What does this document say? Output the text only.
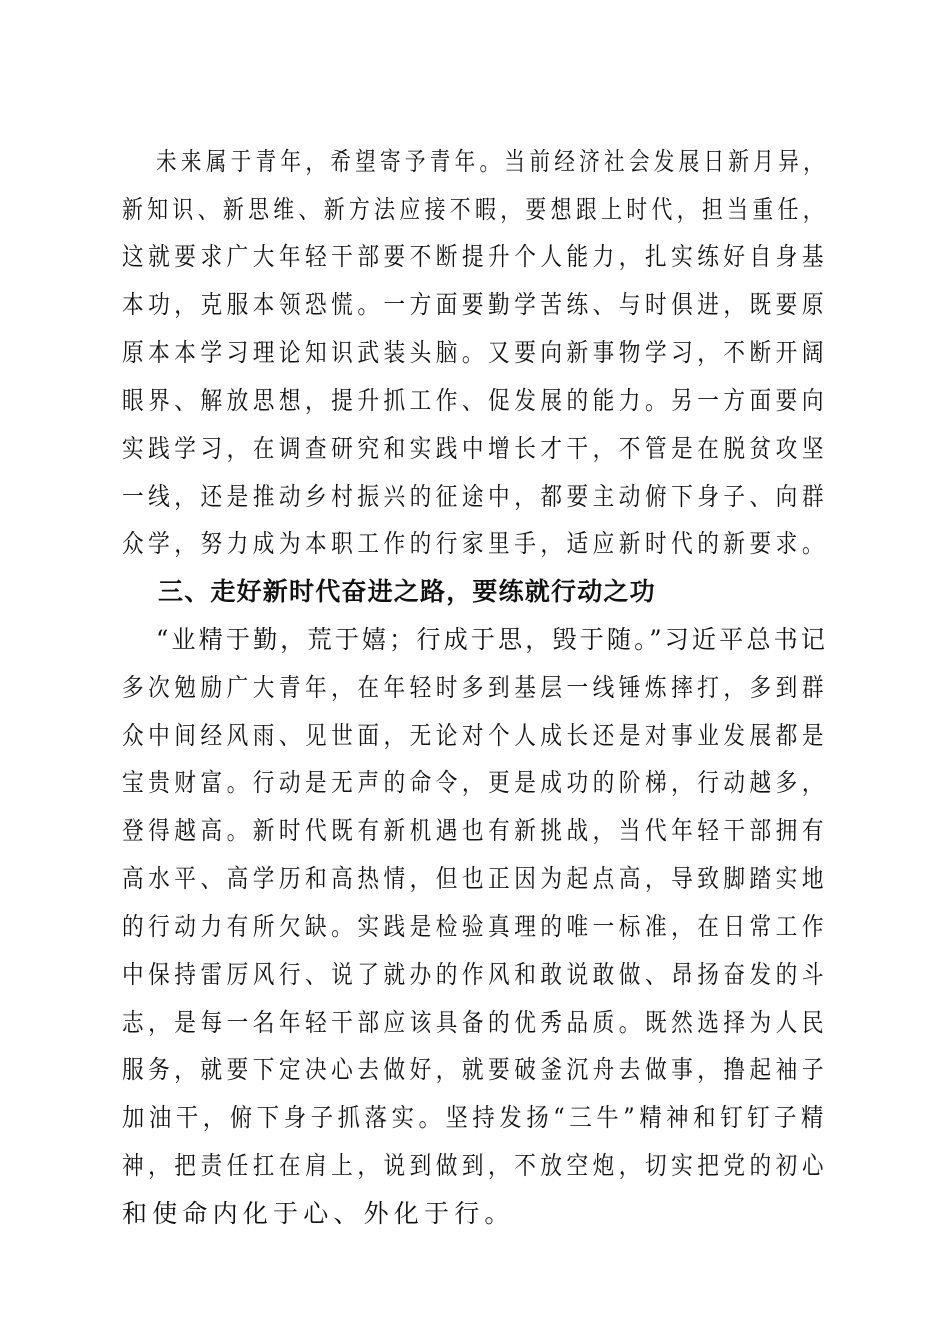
未来属于青年，希望寄予青年。当前经济社会发展日新月异，
新知识、新思维、新方法应接不暇，要想跟上时代，担当重任，
这就要求广大年轻干部要不断提升个人能力，扎实练好自身基
本功，克服本领恐慌。一方面要勤学苦练、与时俱进，既要原
原本本学习理论知识武装头脑。又要向新事物学习，不断开阔
眼界、解放思想，提升抓工作、促发展的能力。另一方面要向
实践学习，在调查研究和实践中增长才干，不管是在脱贫攻坚
一线，还是推动乡村振兴的征途中，都要主动俯下身子、向群
众学，努力成为本职工作的行家里手，适应新时代的新要求。
三、走好新时代奋进之路，要练就行动之功
“业精于勤，荒于嬉；行成于思，毁于随。”习近平总书记
多次勉励广大青年，在年轻时多到基层一线锤炼摔打，多到群
众中间经风雨、见世面，无论对个人成长还是对事业发展都是
宝贵财富。行动是无声的命令，更是成功的阶梯，行动越多，
登得越高。新时代既有新机遇也有新挑战，当代年轻干部拥有
高水平、高学历和高热情，但也正因为起点高，导致脚踏实地
的行动力有所欠缺。实践是检验真理的唯一标准，在日常工作
中保持雷厉风行、说了就办的作风和敢说敢做、昂扬奋发的斗
志，是每一名年轻干部应该具备的优秀品质。既然选择为人民
服务，就要下定决心去做好，就要破釜沉舟去做事，撸起袖子
加油干，俯下身子抓落实。坚持发扬“三牛”精神和钉钉子精
神，把责任扛在肩上，说到做到，不放空炮，切实把党的初心
和使命内化于心、外化于行。
